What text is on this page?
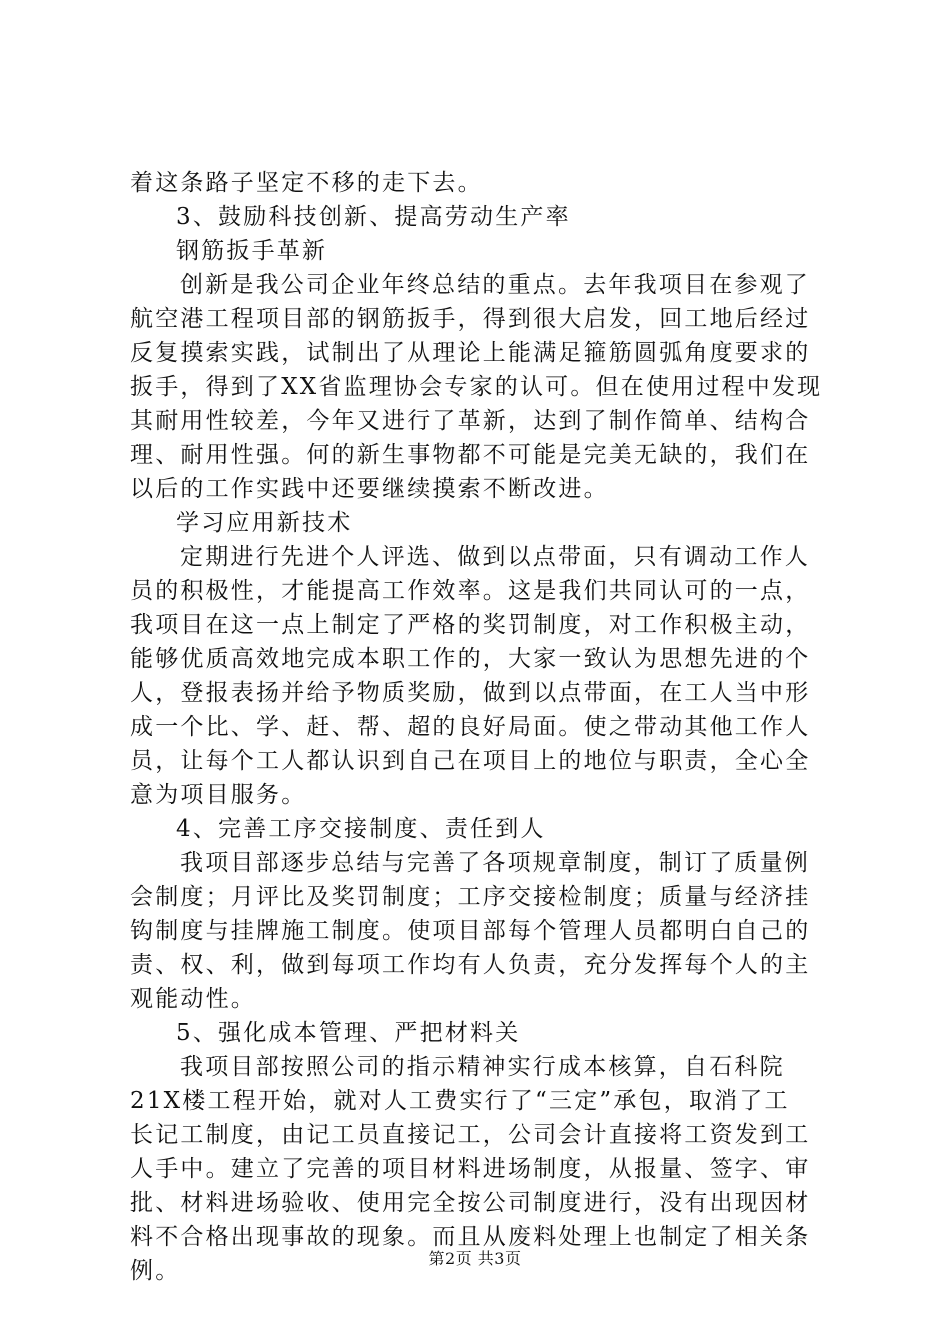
着这条路子坚定不移的走下去。
3、鼓励科技创新、提高劳动生产率
钢筋扳手革新
创新是我公司企业年终总结的重点。去年我项目在参观了
航空港工程项目部的钢筋扳手，得到很大启发，回工地后经过
反复摸索实践，试制出了从理论上能满足箍筋圆弧角度要求的
扳手，得到了XX省监理协会专家的认可。但在使用过程中发现
其耐用性较差，今年又进行了革新，达到了制作简单、结构合
理、耐用性强。何的新生事物都不可能是完美无缺的，我们在
以后的工作实践中还要继续摸索不断改进。
学习应用新技术
定期进行先进个人评选、做到以点带面，只有调动工作人
员的积极性，才能提高工作效率。这是我们共同认可的一点，
我项目在这一点上制定了严格的奖罚制度，对工作积极主动，
能够优质高效地完成本职工作的，大家一致认为思想先进的个
人，登报表扬并给予物质奖励，做到以点带面，在工人当中形
成一个比、学、赶、帮、超的良好局面。使之带动其他工作人
员，让每个工人都认识到自己在项目上的地位与职责，全心全
意为项目服务。
4、完善工序交接制度、责任到人
我项目部逐步总结与完善了各项规章制度，制订了质量例
会制度；月评比及奖罚制度；工序交接检制度；质量与经济挂
钩制度与挂牌施工制度。使项目部每个管理人员都明白自己的
责、权、利，做到每项工作均有人负责，充分发挥每个人的主
观能动性。
5、强化成本管理、严把材料关
我项目部按照公司的指示精神实行成本核算，自石科院
21X楼工程开始，就对人工费实行了“三定”承包，取消了工
长记工制度，由记工员直接记工，公司会计直接将工资发到工
人手中。建立了完善的项目材料进场制度，从报量、签字、审
批、材料进场验收、使用完全按公司制度进行，没有出现因材
料不合格出现事故的现象。而且从废料处理上也制定了相关条
例。	第2页 共3页
